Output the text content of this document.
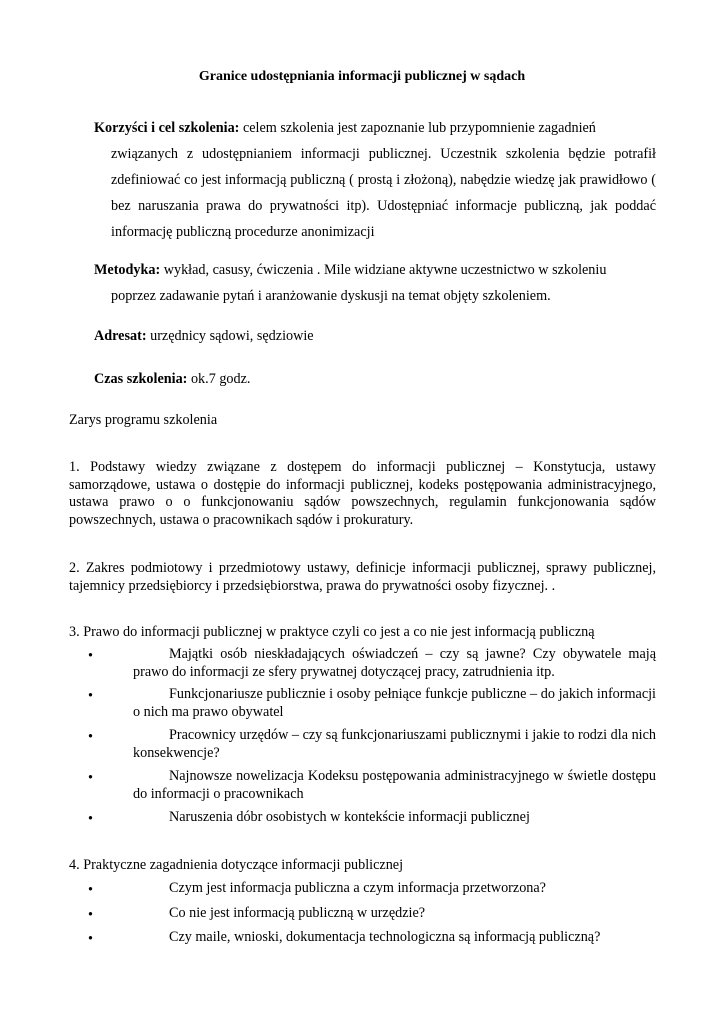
Granice udostępniania informacji publicznej w sądach
Korzyści i cel szkolenia: celem szkolenia jest zapoznanie lub przypomnienie zagadnień
związanych z udostępnianiem informacji publicznej. Uczestnik szkolenia będzie potrafił zdefiniować co jest informacją publiczną ( prostą i złożoną), nabędzie wiedzę jak prawidłowo ( bez naruszania prawa do prywatności itp). Udostępniać informacje publiczną, jak poddać informację publiczną procedurze anonimizacji
Metodyka: wykład, casusy, ćwiczenia . Mile widziane aktywne uczestnictwo w szkoleniu
poprzez zadawanie pytań i aranżowanie dyskusji na temat objęty szkoleniem.
Adresat: urzędnicy sądowi, sędziowie
Czas szkolenia: ok.7 godz.
Zarys programu szkolenia
1. Podstawy wiedzy związane z dostępem do informacji publicznej – Konstytucja, ustawy samorządowe, ustawa o dostępie do informacji publicznej, kodeks postępowania administracyjnego, ustawa prawo o o funkcjonowaniu sądów powszechnych, regulamin funkcjonowania sądów powszechnych, ustawa o pracownikach sądów i prokuratury.
2. Zakres podmiotowy i przedmiotowy ustawy, definicje informacji publicznej, sprawy publicznej, tajemnicy przedsiębiorcy i przedsiębiorstwa, prawa do prywatności osoby fizycznej. .
3. Prawo do informacji publicznej w praktyce czyli co jest a co nie jest informacją publiczną
•	Majątki osób nieskładających oświadczeń – czy są jawne? Czy obywatele mają prawo do informacji ze sfery prywatnej dotyczącej pracy, zatrudnienia itp.
•	Funkcjonariusze publicznie i osoby pełniące funkcje publiczne – do jakich informacji o nich ma prawo obywatel
•	Pracownicy urzędów – czy są funkcjonariuszami publicznymi i jakie to rodzi dla nich konsekwencje?
•	Najnowsze nowelizacja Kodeksu postępowania administracyjnego w świetle dostępu do informacji o pracownikach
•	Naruszenia dóbr osobistych w kontekście informacji publicznej
4. Praktyczne zagadnienia dotyczące informacji publicznej
•	Czym jest informacja publiczna a czym informacja przetworzona?
•	Co nie jest informacją publiczną w urzędzie?
•	Czy maile, wnioski, dokumentacja technologiczna są informacją publiczną?
